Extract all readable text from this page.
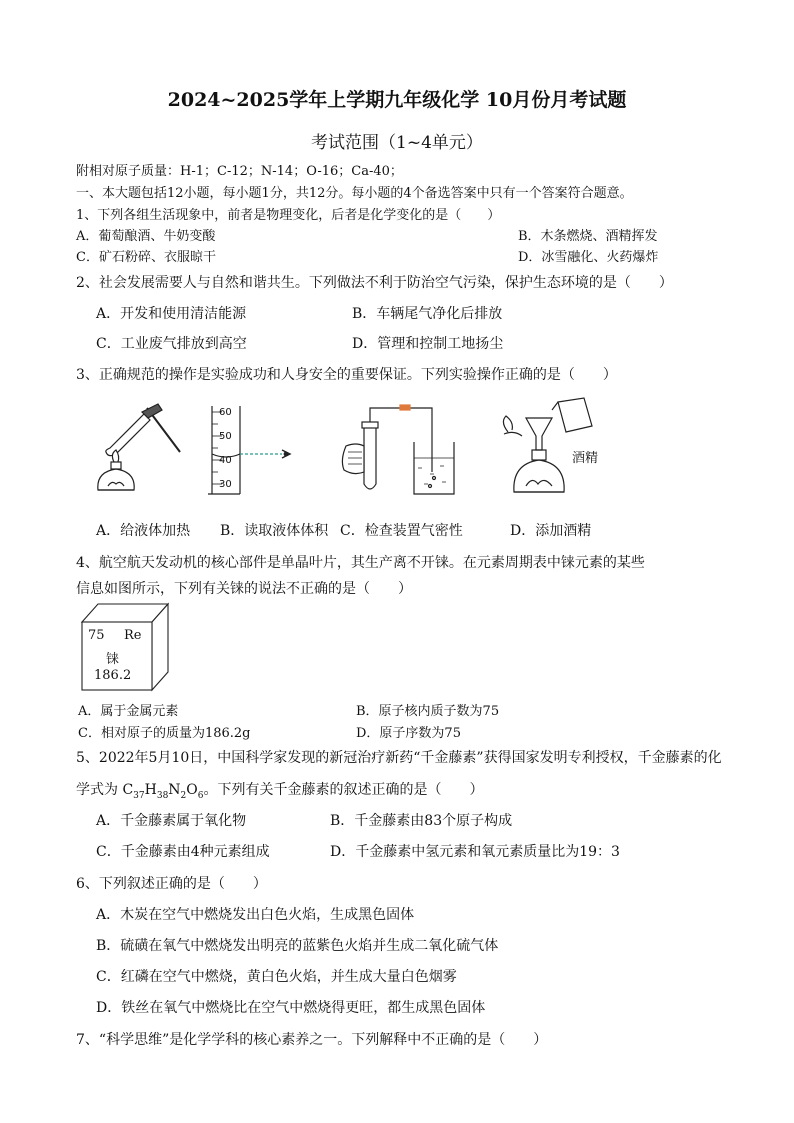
2024~2025学年上学期九年级化学 10月份月考试题
考试范围（1~4单元）
附相对原子质量：H-1；C-12；N-14；O-16；Ca-40；
一、本大题包括12小题，每小题1分，共12分。每小题的4个备选答案中只有一个答案符合题意。
1、下列各组生活现象中，前者是物理变化，后者是化学变化的是（　　）
A．葡萄酿酒、牛奶变酸	B．木条燃烧、酒精挥发
C．矿石粉碎、衣服晾干	D．冰雪融化、火药爆炸
2、社会发展需要人与自然和谐共生。下列做法不利于防治空气污染，保护生态环境的是（　　）
A．开发和使用清洁能源	B．车辆尾气净化后排放
C．工业废气排放到高空	D．管理和控制工地扬尘
3、正确规范的操作是实验成功和人身安全的重要保证。下列实验操作正确的是（　　）
60
50
40
30
酒精
A．给液体加热 B．读取液体体积 C．检查装置气密性	D．添加酒精
4、航空航天发动机的核心部件是单晶叶片，其生产离不开铼。在元素周期表中铼元素的某些
信息如图所示，下列有关铼的说法不正确的是（　　）
75 Re
铼
186.2
A．属于金属元素	B．原子核内质子数为75
C．相对原子的质量为186.2g	D．原子序数为75
5、2022年5月10日，中国科学家发现的新冠治疗新药“千金藤素”获得国家发明专利授权，千金藤素的化
学式为 $C_{37}H_{38}N_2O_6$。下列有关千金藤素的叙述正确的是（　　）
A．千金藤素属于氧化物	B．千金藤素由83个原子构成
C．千金藤素由4种元素组成	D．千金藤素中氢元素和氧元素质量比为19：3
6、下列叙述正确的是（　　）
A．木炭在空气中燃烧发出白色火焰，生成黑色固体
B．硫磺在氧气中燃烧发出明亮的蓝紫色火焰并生成二氧化硫气体
C．红磷在空气中燃烧，黄白色火焰，并生成大量白色烟雾
D．铁丝在氧气中燃烧比在空气中燃烧得更旺，都生成黑色固体
7、“科学思维”是化学学科的核心素养之一。下列解释中不正确的是（　　）
